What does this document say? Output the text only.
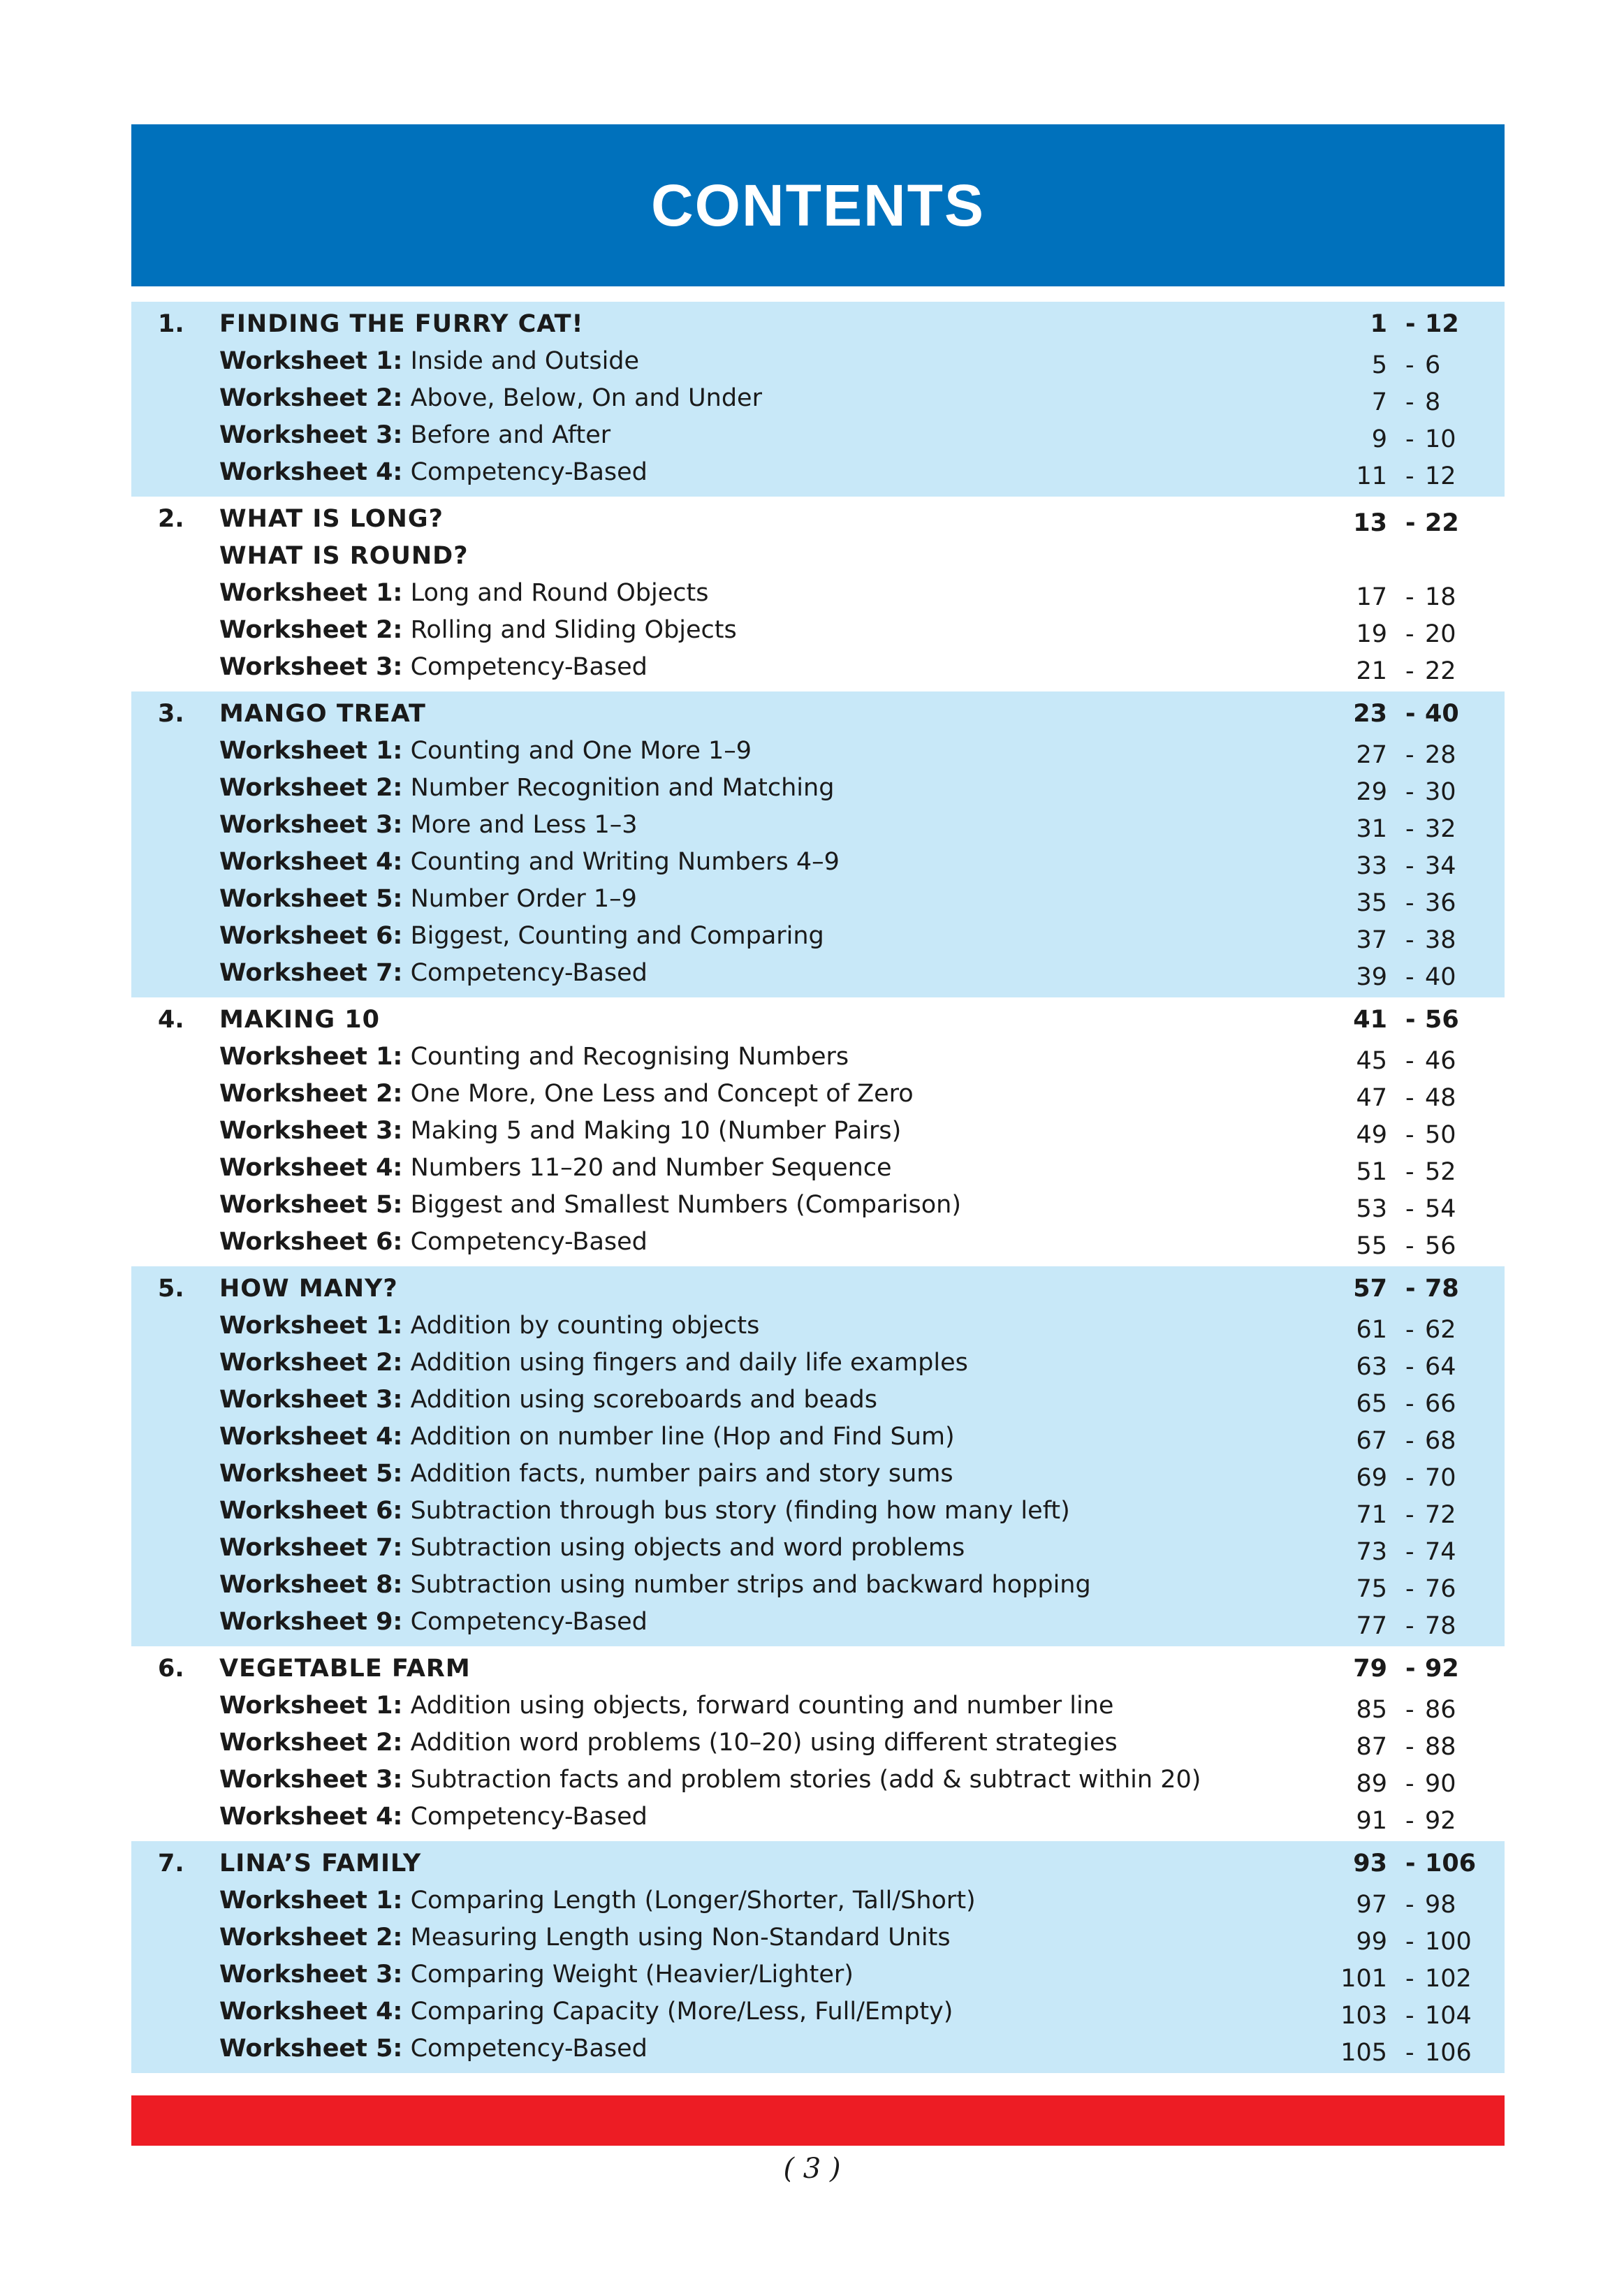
CONTENTS
1. FINDING THE FURRY CAT!	1 - 12
Worksheet 1: Inside and Outside	5 - 6
Worksheet 2: Above, Below, On and Under	7 - 8
Worksheet 3: Before and After	9 - 10
Worksheet 4: Competency-Based	11 - 12
2. WHAT IS LONG?	13 - 22
WHAT IS ROUND?
Worksheet 1: Long and Round Objects	17 - 18
Worksheet 2: Rolling and Sliding Objects	19 - 20
Worksheet 3: Competency-Based	21 - 22
3. MANGO TREAT	23 - 40
Worksheet 1: Counting and One More 1–9	27 - 28
Worksheet 2: Number Recognition and Matching	29 - 30
Worksheet 3: More and Less 1–3	31 - 32
Worksheet 4: Counting and Writing Numbers 4–9	33 - 34
Worksheet 5: Number Order 1–9	35 - 36
Worksheet 6: Biggest, Counting and Comparing	37 - 38
Worksheet 7: Competency-Based	39 - 40
4. MAKING 10	41 - 56
Worksheet 1: Counting and Recognising Numbers	45 - 46
Worksheet 2: One More, One Less and Concept of Zero	47 - 48
Worksheet 3: Making 5 and Making 10 (Number Pairs)	49 - 50
Worksheet 4: Numbers 11–20 and Number Sequence	51 - 52
Worksheet 5: Biggest and Smallest Numbers (Comparison)	53 - 54
Worksheet 6: Competency-Based	55 - 56
5. HOW MANY?	57 - 78
Worksheet 1: Addition by counting objects	61 - 62
Worksheet 2: Addition using fingers and daily life examples	63 - 64
Worksheet 3: Addition using scoreboards and beads	65 - 66
Worksheet 4: Addition on number line (Hop and Find Sum)	67 - 68
Worksheet 5: Addition facts, number pairs and story sums	69 - 70
Worksheet 6: Subtraction through bus story (finding how many left)	71 - 72
Worksheet 7: Subtraction using objects and word problems	73 - 74
Worksheet 8: Subtraction using number strips and backward hopping	75 - 76
Worksheet 9: Competency-Based	77 - 78
6. VEGETABLE FARM	79 - 92
Worksheet 1: Addition using objects, forward counting and number line	85 - 86
Worksheet 2: Addition word problems (10–20) using different strategies	87 - 88
Worksheet 3: Subtraction facts and problem stories (add & subtract within 20)	89 - 90
Worksheet 4: Competency-Based	91 - 92
7. LINA’S FAMILY	93 - 106
Worksheet 1: Comparing Length (Longer/Shorter, Tall/Short)	97 - 98
Worksheet 2: Measuring Length using Non-Standard Units	99 - 100
Worksheet 3: Comparing Weight (Heavier/Lighter)	101 - 102
Worksheet 4: Comparing Capacity (More/Less, Full/Empty)	103 - 104
Worksheet 5: Competency-Based	105 - 106
( 3 )
